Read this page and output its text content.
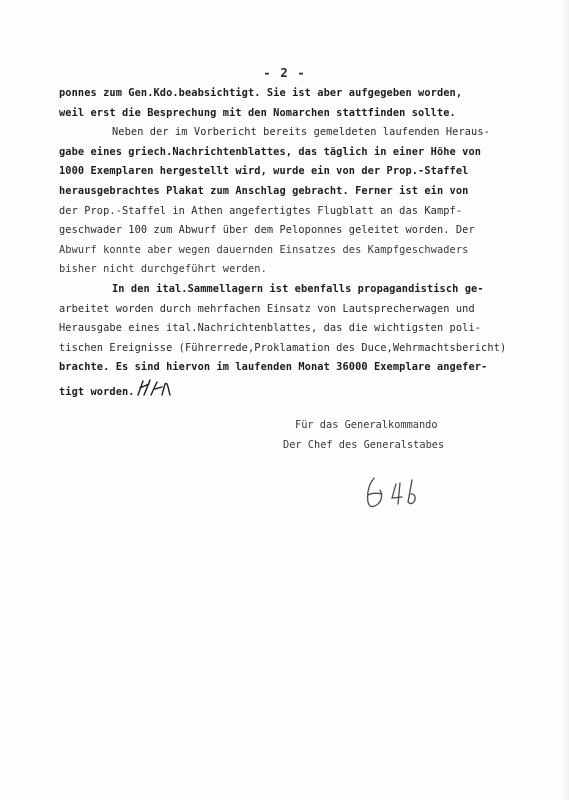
- 2 -
ponnes zum Gen.Kdo.beabsichtigt. Sie ist aber aufgegeben worden,
weil erst die Besprechung mit den Nomarchen stattfinden sollte.
Neben der im Vorbericht bereits gemeldeten laufenden Heraus-
gabe eines griech.Nachrichtenblattes, das täglich in einer Höhe von
1000 Exemplaren hergestellt wird, wurde ein von der Prop.-Staffel
herausgebrachtes Plakat zum Anschlag gebracht. Ferner ist ein von
der Prop.-Staffel in Athen angefertigtes Flugblatt an das Kampf-
geschwader 100 zum Abwurf über dem Peloponnes geleitet worden. Der
Abwurf konnte aber wegen dauernden Einsatzes des Kampfgeschwaders
bisher nicht durchgeführt werden.
In den ital.Sammellagern ist ebenfalls propagandistisch ge-
arbeitet worden durch mehrfachen Einsatz von Lautsprecherwagen und
Herausgabe eines ital.Nachrichtenblattes, das die wichtigsten poli-
tischen Ereignisse (Führerrede,Proklamation des Duce,Wehrmachtsbericht)
brachte. Es sind hiervon im laufenden Monat 36000 Exemplare angefer-
tigt worden.
Für das Generalkommando
Der Chef des Generalstabes
